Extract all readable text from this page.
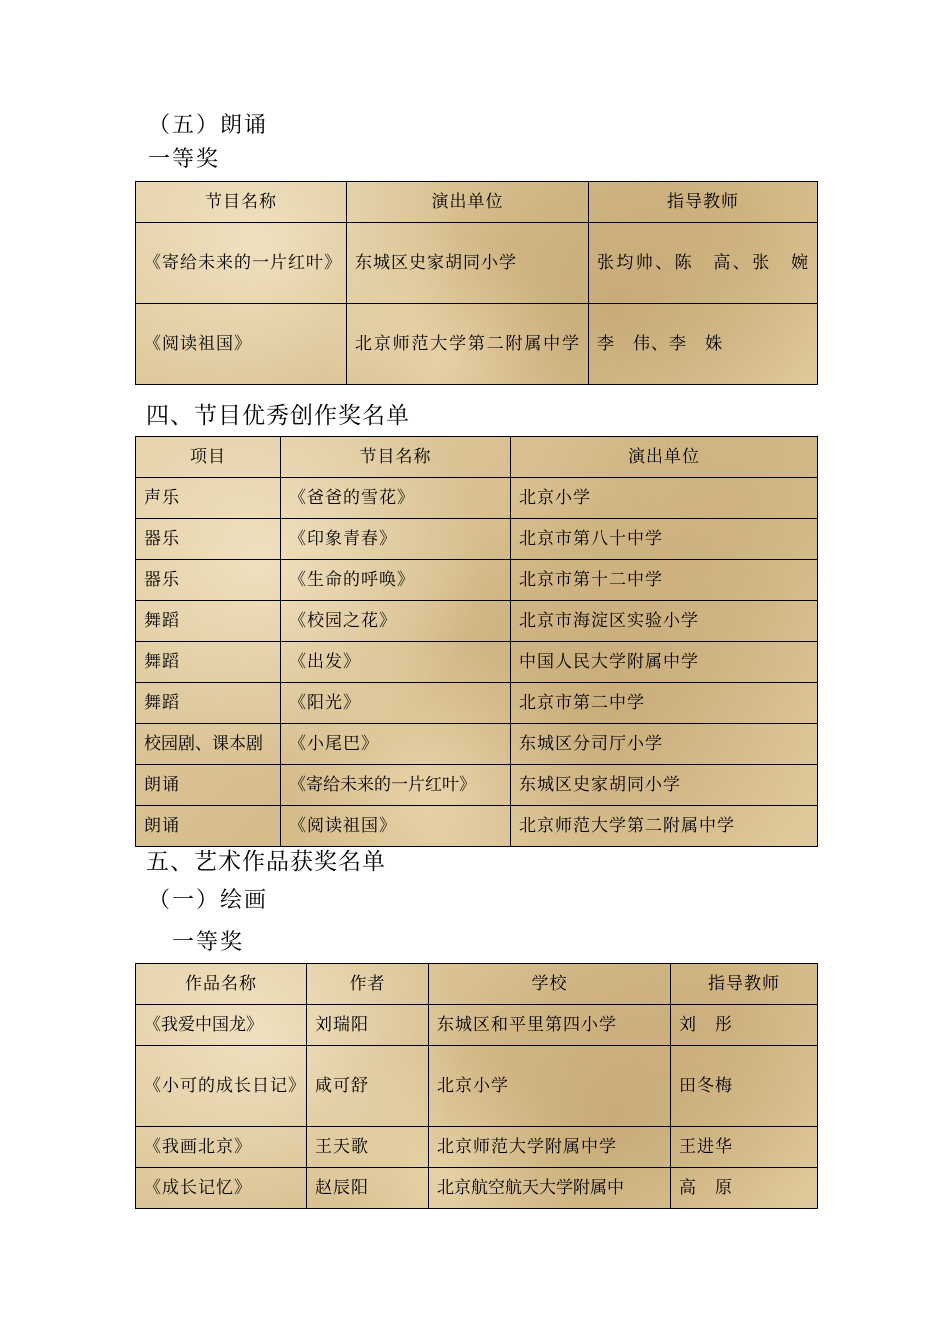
（五）朗诵
一等奖
节目名称	演出单位	指导教师
《寄给未来的一片红叶》	东城区史家胡同小学	张均帅、陈　高、张　婉
《阅读祖国》	北京师范大学第二附属中学	李　伟、李　姝
四、节目优秀创作奖名单
项目	节目名称	演出单位
声乐	《爸爸的雪花》	北京小学
器乐	《印象青春》	北京市第八十中学
器乐	《生命的呼唤》	北京市第十二中学
舞蹈	《校园之花》	北京市海淀区实验小学
舞蹈	《出发》	中国人民大学附属中学
舞蹈	《阳光》	北京市第二中学
校园剧、课本剧	《小尾巴》	东城区分司厅小学
朗诵	《寄给未来的一片红叶》	东城区史家胡同小学
朗诵	《阅读祖国》	北京师范大学第二附属中学
五、艺术作品获奖名单
（一）绘画
一等奖
作品名称	作者	学校	指导教师
《我爱中国龙》	刘瑞阳	东城区和平里第四小学	刘　彤
《小可的成长日记》	咸可舒	北京小学	田冬梅
《我画北京》	王天歌	北京师范大学附属中学	王进华
《成长记忆》	赵辰阳	北京航空航天大学附属中	高　原
